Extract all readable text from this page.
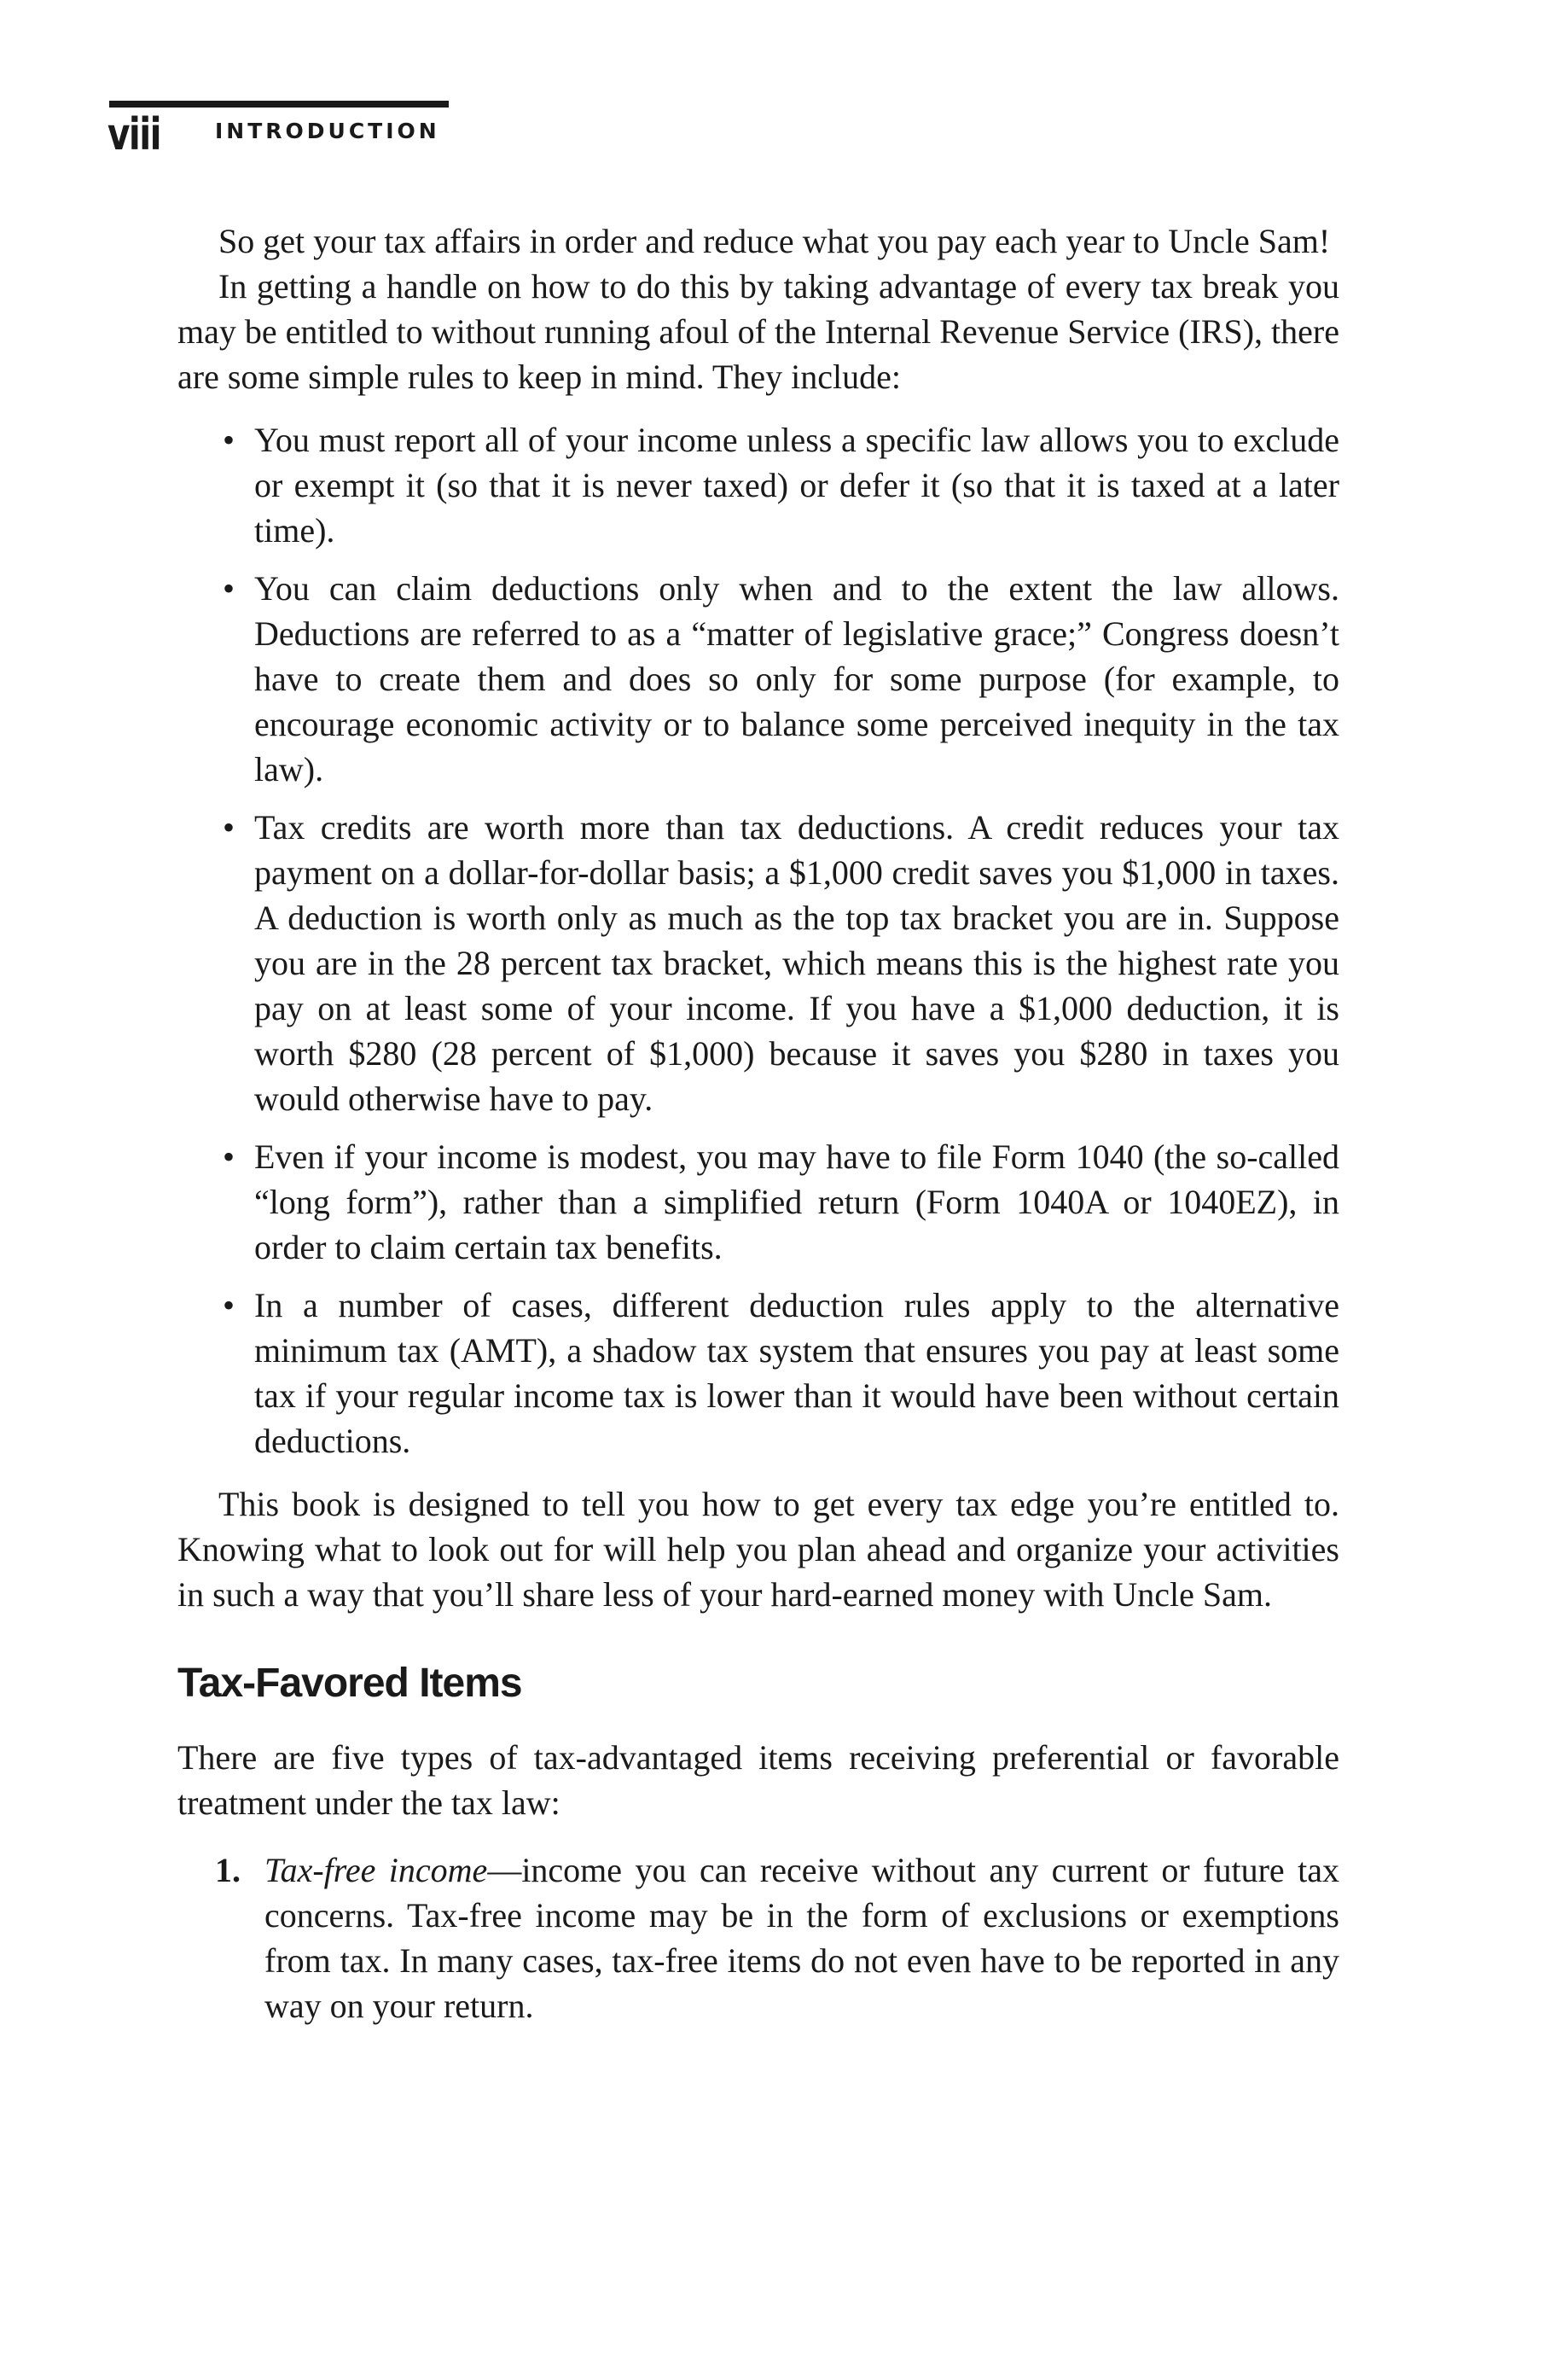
viii	INTRODUCTION

So get your tax affairs in order and reduce what you pay each year to Uncle Sam!

In getting a handle on how to do this by taking advantage of every tax break you may be entitled to without running afoul of the Internal Revenue Service (IRS), there are some simple rules to keep in mind. They include:

• You must report all of your income unless a specific law allows you to exclude or exempt it (so that it is never taxed) or defer it (so that it is taxed at a later time).
• You can claim deductions only when and to the extent the law allows. Deductions are referred to as a “matter of legislative grace;” Congress doesn’t have to create them and does so only for some purpose (for example, to encourage economic activity or to balance some perceived inequity in the tax law).
• Tax credits are worth more than tax deductions. A credit reduces your tax payment on a dollar-for-dollar basis; a $1,000 credit saves you $1,000 in taxes. A deduction is worth only as much as the top tax bracket you are in. Suppose you are in the 28 percent tax bracket, which means this is the highest rate you pay on at least some of your income. If you have a $1,000 deduction, it is worth $280 (28 percent of $1,000) because it saves you $280 in taxes you would otherwise have to pay.
• Even if your income is modest, you may have to file Form 1040 (the so-called “long form”), rather than a simplified return (Form 1040A or 1040EZ), in order to claim certain tax benefits.
• In a number of cases, different deduction rules apply to the alternative minimum tax (AMT), a shadow tax system that ensures you pay at least some tax if your regular income tax is lower than it would have been without certain deductions.

This book is designed to tell you how to get every tax edge you’re entitled to. Knowing what to look out for will help you plan ahead and organize your activities in such a way that you’ll share less of your hard-earned money with Uncle Sam.

Tax-Favored Items

There are five types of tax-advantaged items receiving preferential or favorable treatment under the tax law:

1. Tax-free income—income you can receive without any current or future tax concerns. Tax-free income may be in the form of exclusions or exemptions from tax. In many cases, tax-free items do not even have to be reported in any way on your return.
